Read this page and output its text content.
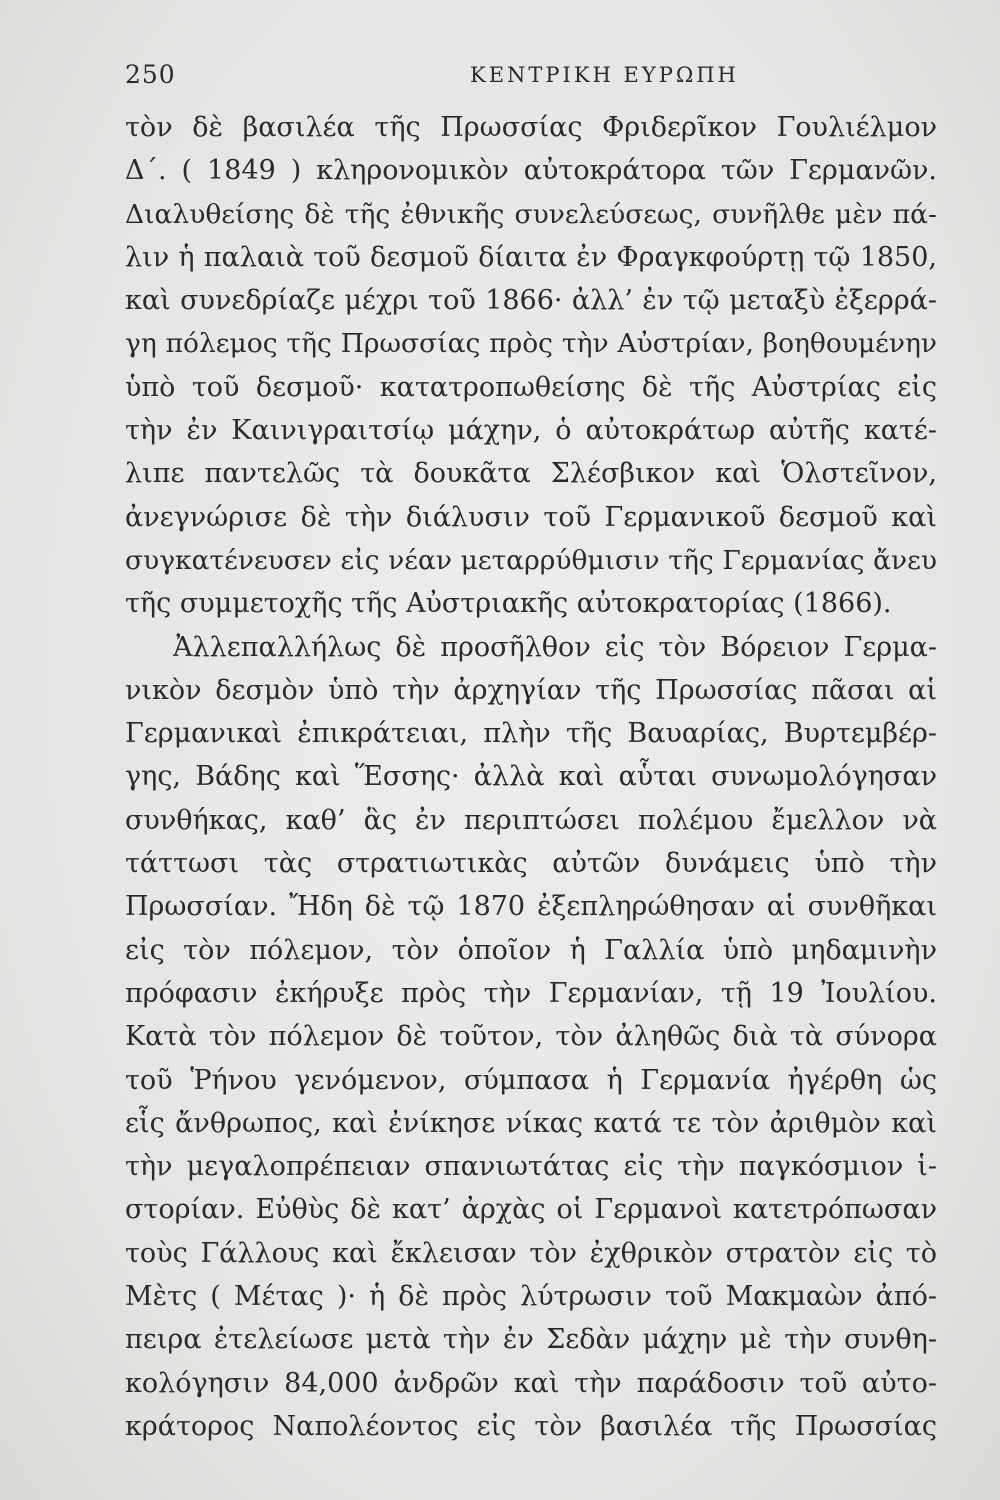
250	ΚΕΝΤΡΙΚΗ ΕΥΡΩΠΗ
τὸν δὲ βασιλέα τῆς Πρωσσίας Φριδερῖκον Γουλιέλμον
Δ΄. ( 1849 ) κληρονομικὸν αὐτοκράτορα τῶν Γερμανῶν.
Διαλυθείσης δὲ τῆς ἐθνικῆς συνελεύσεως, συνῆλθε μὲν πά-
λιν ἡ παλαιὰ τοῦ δεσμοῦ δίαιτα ἐν Φραγκφούρτῃ τῷ 1850,
καὶ συνεδρίαζε μέχρι τοῦ 1866· ἀλλ’ ἐν τῷ μεταξὺ ἐξερρά-
γη πόλεμος τῆς Πρωσσίας πρὸς τὴν Αὐστρίαν, βοηθουμένην
ὑπὸ τοῦ δεσμοῦ· κατατροπωθείσης δὲ τῆς Αὐστρίας εἰς
τὴν ἐν Καινιγραιτσίῳ μάχην, ὁ αὐτοκράτωρ αὐτῆς κατέ-
λιπε παντελῶς τὰ δουκᾶτα Σλέσβικον καὶ Ὁλστεῖνον,
ἀνεγνώρισε δὲ τὴν διάλυσιν τοῦ Γερμανικοῦ δεσμοῦ καὶ
συγκατένευσεν εἰς νέαν μεταρρύθμισιν τῆς Γερμανίας ἄνευ
τῆς συμμετοχῆς τῆς Αὐστριακῆς αὐτοκρατορίας (1866).
Ἀλλεπαλλήλως δὲ προσῆλθον εἰς τὸν Βόρειον Γερμα-
νικὸν δεσμὸν ὑπὸ τὴν ἀρχηγίαν τῆς Πρωσσίας πᾶσαι αἱ
Γερμανικαὶ ἐπικράτειαι, πλὴν τῆς Βαυαρίας, Βυρτεμβέρ-
γης, Βάδης καὶ Ἕσσης· ἀλλὰ καὶ αὗται συνωμολόγησαν
συνθήκας, καθ’ ἃς ἐν περιπτώσει πολέμου ἔμελλον νὰ
τάττωσι τὰς στρατιωτικὰς αὐτῶν δυνάμεις ὑπὸ τὴν
Πρωσσίαν. Ἤδη δὲ τῷ 1870 ἐξεπληρώθησαν αἱ συνθῆκαι
εἰς τὸν πόλεμον, τὸν ὁποῖον ἡ Γαλλία ὑπὸ μηδαμινὴν
πρόφασιν ἐκήρυξε πρὸς τὴν Γερμανίαν, τῇ 19 Ἰουλίου.
Κατὰ τὸν πόλεμον δὲ τοῦτον, τὸν ἀληθῶς διὰ τὰ σύνορα
τοῦ Ῥήνου γενόμενον, σύμπασα ἡ Γερμανία ἠγέρθη ὡς
εἷς ἄνθρωπος, καὶ ἐνίκησε νίκας κατά τε τὸν ἀριθμὸν καὶ
τὴν μεγαλοπρέπειαν σπανιωτάτας εἰς τὴν παγκόσμιον ἱ-
στορίαν. Εὐθὺς δὲ κατ’ ἀρχὰς οἱ Γερμανοὶ κατετρόπωσαν
τοὺς Γάλλους καὶ ἔκλεισαν τὸν ἐχθρικὸν στρατὸν εἰς τὸ
Μὲτς ( Μέτας )· ἡ δὲ πρὸς λύτρωσιν τοῦ Μακμαὼν ἀπό-
πειρα ἐτελείωσε μετὰ τὴν ἐν Σεδὰν μάχην μὲ τὴν συνθη-
κολόγησιν 84,000 ἀνδρῶν καὶ τὴν παράδοσιν τοῦ αὐτο-
κράτορος Ναπολέοντος εἰς τὸν βασιλέα τῆς Πρωσσίας
